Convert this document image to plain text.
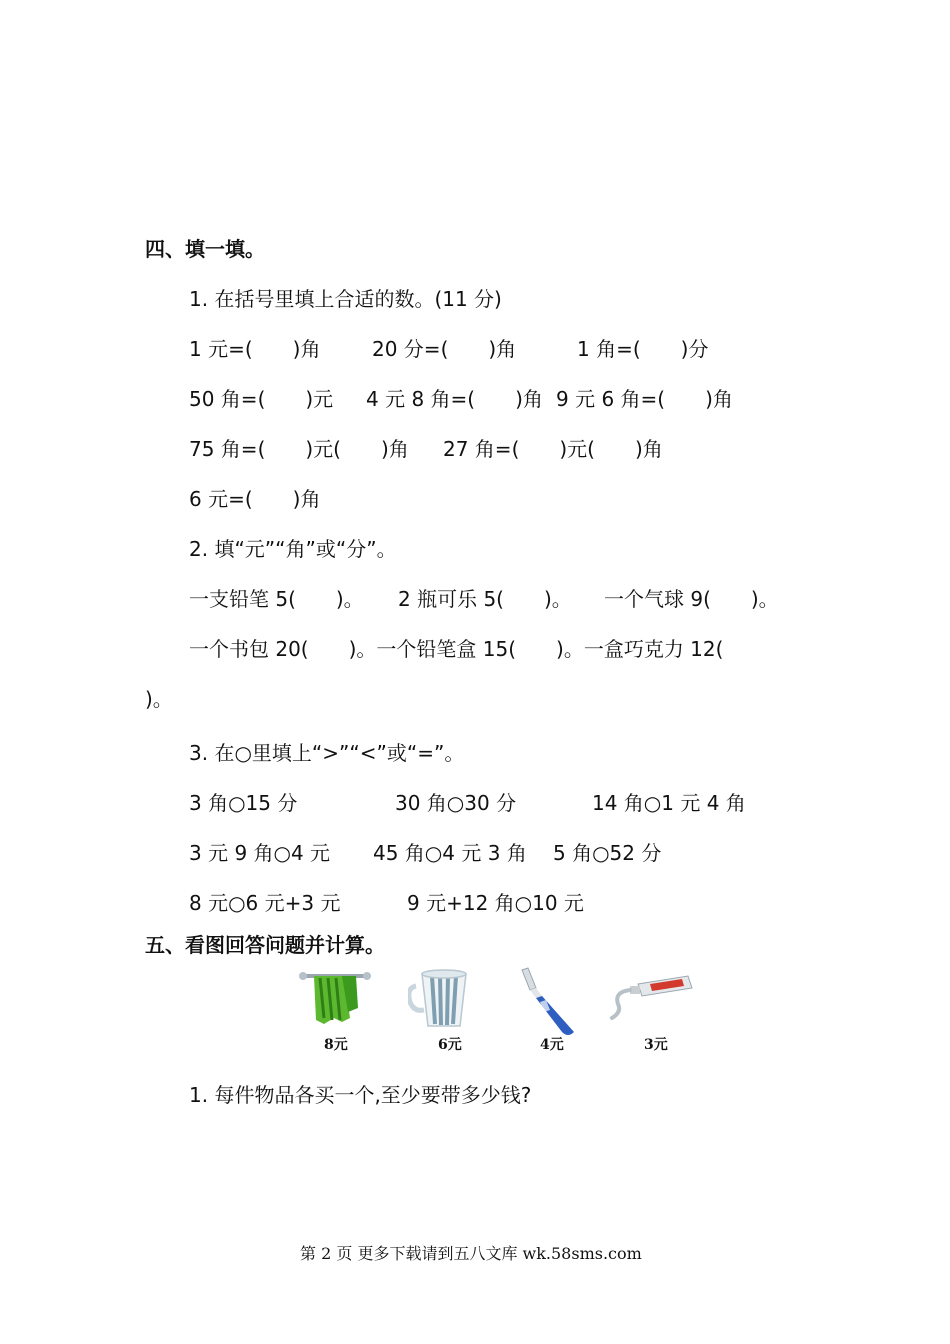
四、填一填。
1. 在括号里填上合适的数。(11 分)
1 元=(　　)角	20 分=(　　)角	1 角=(　　)分
50 角=(　　)元 4 元 8 角=(　　)角 9 元 6 角=(　　)角
75 角=(　　)元(　　)角 27 角=(　　)元(　　)角
6 元=(　　)角
2. 填“元”“角”或“分”。
一支铅笔 5(　　)。 2 瓶可乐 5(　　)。 一个气球 9(　　)。
一个书包 20(　　)。一个铅笔盒 15(　　)。一盒巧克力 12(
)。
3. 在○里填上“>”“<”或“=”。
3 角○15 分	30 角○30 分	14 角○1 元 4 角
3 元 9 角○4 元 45 角○4 元 3 角 5 角○52 分
8 元○6 元+3 元	9 元+12 角○10 元
五、看图回答问题并计算。
8元	6元	4元	3元
1. 每件物品各买一个,至少要带多少钱?
第 2 页 更多下载请到五八文库 wk.58sms.com
